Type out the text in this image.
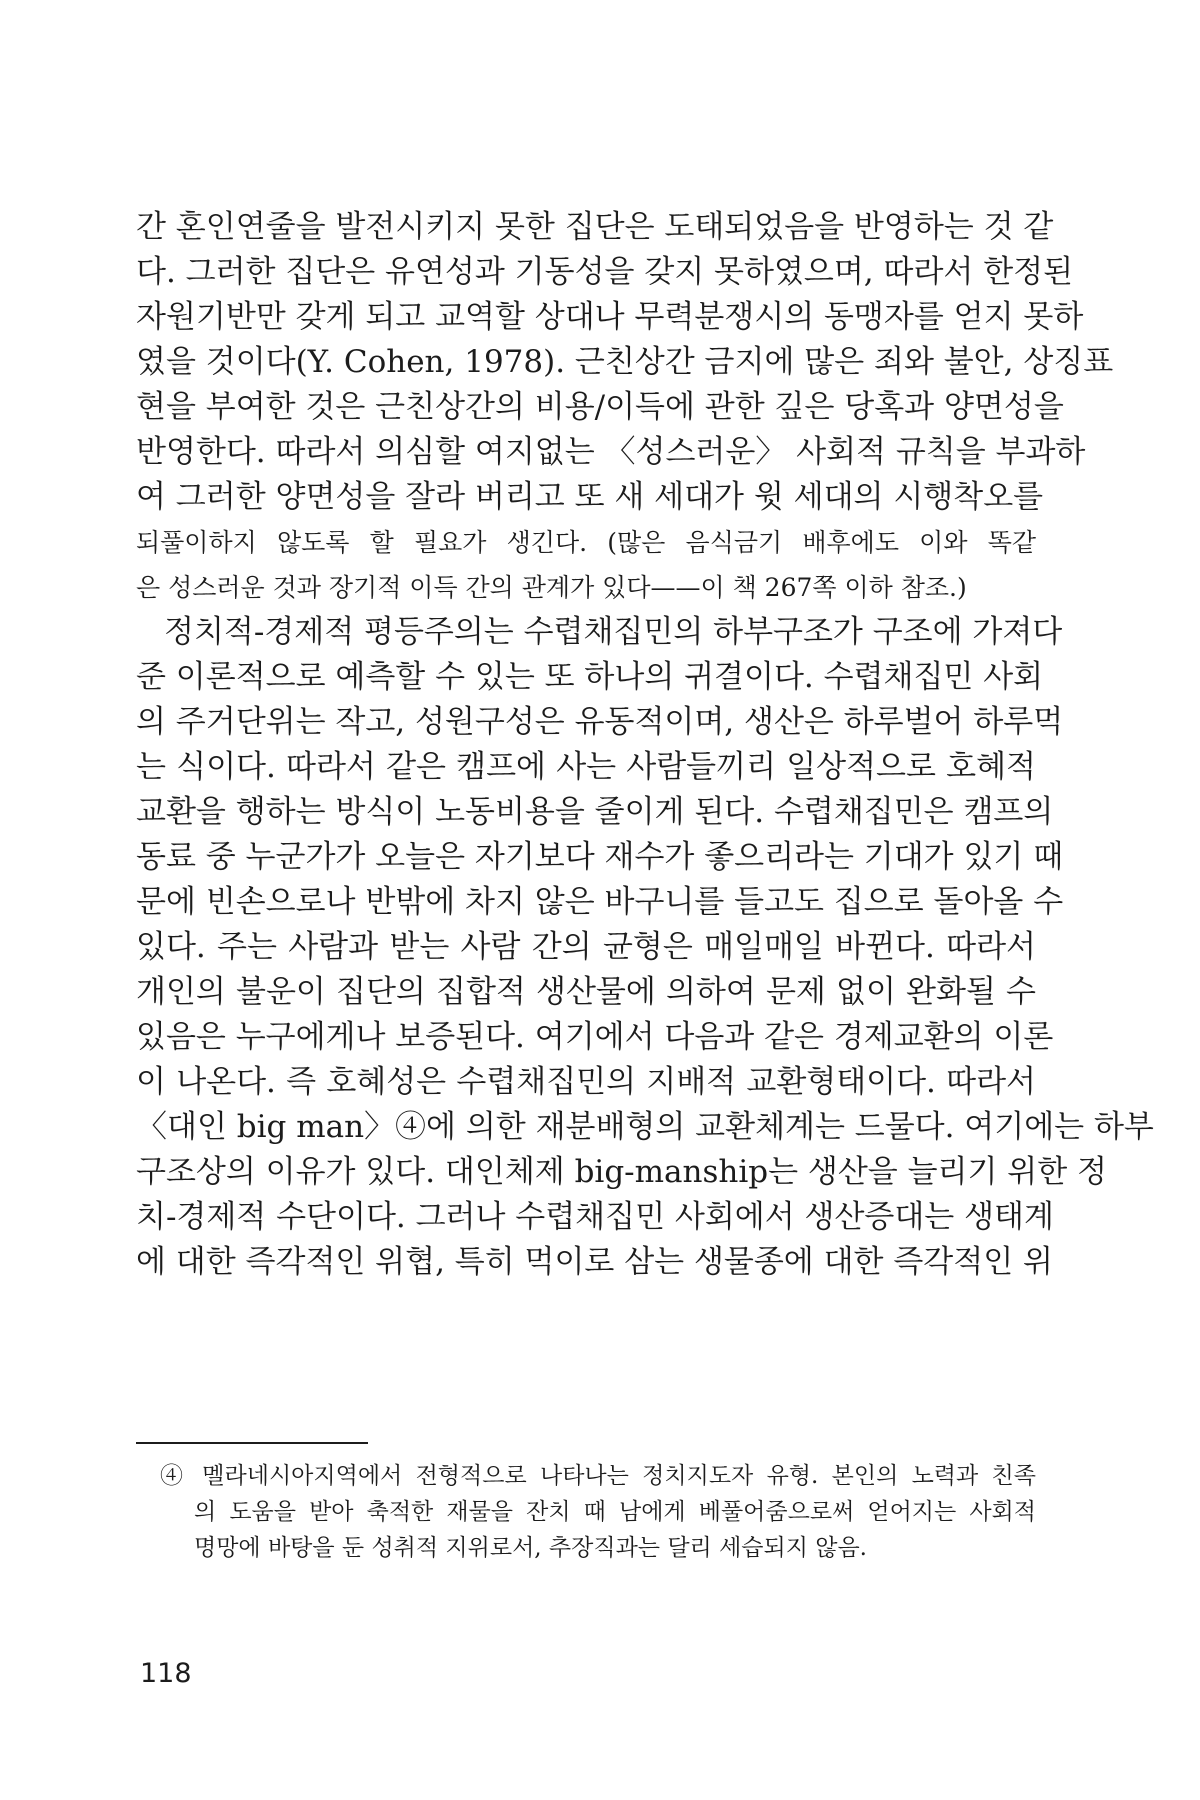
간 혼인연줄을 발전시키지 못한 집단은 도태되었음을 반영하는 것 같
다. 그러한 집단은 유연성과 기동성을 갖지 못하였으며, 따라서 한정된
자원기반만 갖게 되고 교역할 상대나 무력분쟁시의 동맹자를 얻지 못하
였을 것이다(Y. Cohen, 1978). 근친상간 금지에 많은 죄와 불안, 상징표
현을 부여한 것은 근친상간의 비용/이득에 관한 깊은 당혹과 양면성을
반영한다. 따라서 의심할 여지없는 〈성스러운〉 사회적 규칙을 부과하
여 그러한 양면성을 잘라 버리고 또 새 세대가 윗 세대의 시행착오를
되풀이하지 않도록 할 필요가 생긴다. (많은 음식금기 배후에도 이와 똑같
은 성스러운 것과 장기적 이득 간의 관계가 있다——이 책 267쪽 이하 참조.)
정치적-경제적 평등주의는 수렵채집민의 하부구조가 구조에 가져다
준 이론적으로 예측할 수 있는 또 하나의 귀결이다. 수렵채집민 사회
의 주거단위는 작고, 성원구성은 유동적이며, 생산은 하루벌어 하루먹
는 식이다. 따라서 같은 캠프에 사는 사람들끼리 일상적으로 호혜적
교환을 행하는 방식이 노동비용을 줄이게 된다. 수렵채집민은 캠프의
동료 중 누군가가 오늘은 자기보다 재수가 좋으리라는 기대가 있기 때
문에 빈손으로나 반밖에 차지 않은 바구니를 들고도 집으로 돌아올 수
있다. 주는 사람과 받는 사람 간의 균형은 매일매일 바뀐다. 따라서
개인의 불운이 집단의 집합적 생산물에 의하여 문제 없이 완화될 수
있음은 누구에게나 보증된다. 여기에서 다음과 같은 경제교환의 이론
이 나온다. 즉 호혜성은 수렵채집민의 지배적 교환형태이다. 따라서
〈대인 big man〉④에 의한 재분배형의 교환체계는 드물다. 여기에는 하부
구조상의 이유가 있다. 대인체제 big-manship는 생산을 늘리기 위한 정
치-경제적 수단이다. 그러나 수렵채집민 사회에서 생산증대는 생태계
에 대한 즉각적인 위협, 특히 먹이로 삼는 생물종에 대한 즉각적인 위
④ 멜라네시아지역에서 전형적으로 나타나는 정치지도자 유형. 본인의 노력과 친족
의 도움을 받아 축적한 재물을 잔치 때 남에게 베풀어줌으로써 얻어지는 사회적
명망에 바탕을 둔 성취적 지위로서, 추장직과는 달리 세습되지 않음.
118
